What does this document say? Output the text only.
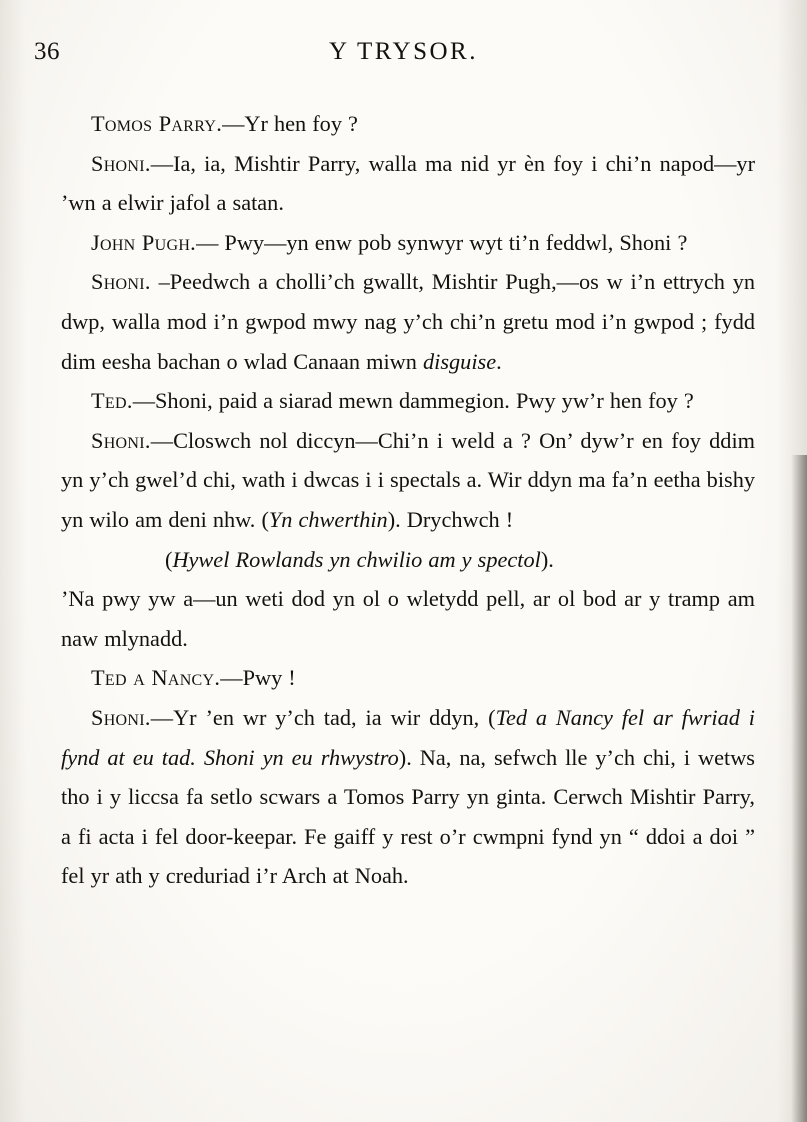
36	Y TRYSOR.

Tomos Parry.—Yr hen foy ?

Shoni.—Ia, ia, Mishtir Parry, walla ma nid yr èn foy i chi’n napod—yr ’wn a elwir jafol a satan.

John Pugh.— Pwy—yn enw pob synwyr wyt ti’n feddwl, Shoni ?

Shoni. –Peedwch a cholli’ch gwallt, Mishtir Pugh,—os w i’n ettrych yn dwp, walla mod i’n gwpod mwy nag y’ch chi’n gretu mod i’n gwpod ; fydd dim eesha bachan o wlad Canaan miwn disguise.

Ted.—Shoni, paid a siarad mewn dammegion. Pwy yw’r hen foy ?

Shoni.—Closwch nol diccyn—Chi’n i weld a ? On’ dyw’r en foy ddim yn y’ch gwel’d chi, wath i dwcas i i spectals a. Wir ddyn ma fa’n eetha bishy yn wilo am deni nhw. (Yn chwerthin). Drychwch !

(Hywel Rowlands yn chwilio am y spectol).

’Na pwy yw a—un weti dod yn ol o wletydd pell, ar ol bod ar y tramp am naw mlynadd.

Ted a Nancy.—Pwy !

Shoni.—Yr ’en wr y’ch tad, ia wir ddyn, (Ted a Nancy fel ar fwriad i fynd at eu tad. Shoni yn eu rhwystro). Na, na, sefwch lle y’ch chi, i wetws tho i y liccsa fa setlo scwars a Tomos Parry yn ginta. Cerwch Mishtir Parry, a fi acta i fel door-keepar. Fe gaiff y rest o’r cwmpni fynd yn “ ddoi a doi ” fel yr ath y creduriad i’r Arch at Noah.
